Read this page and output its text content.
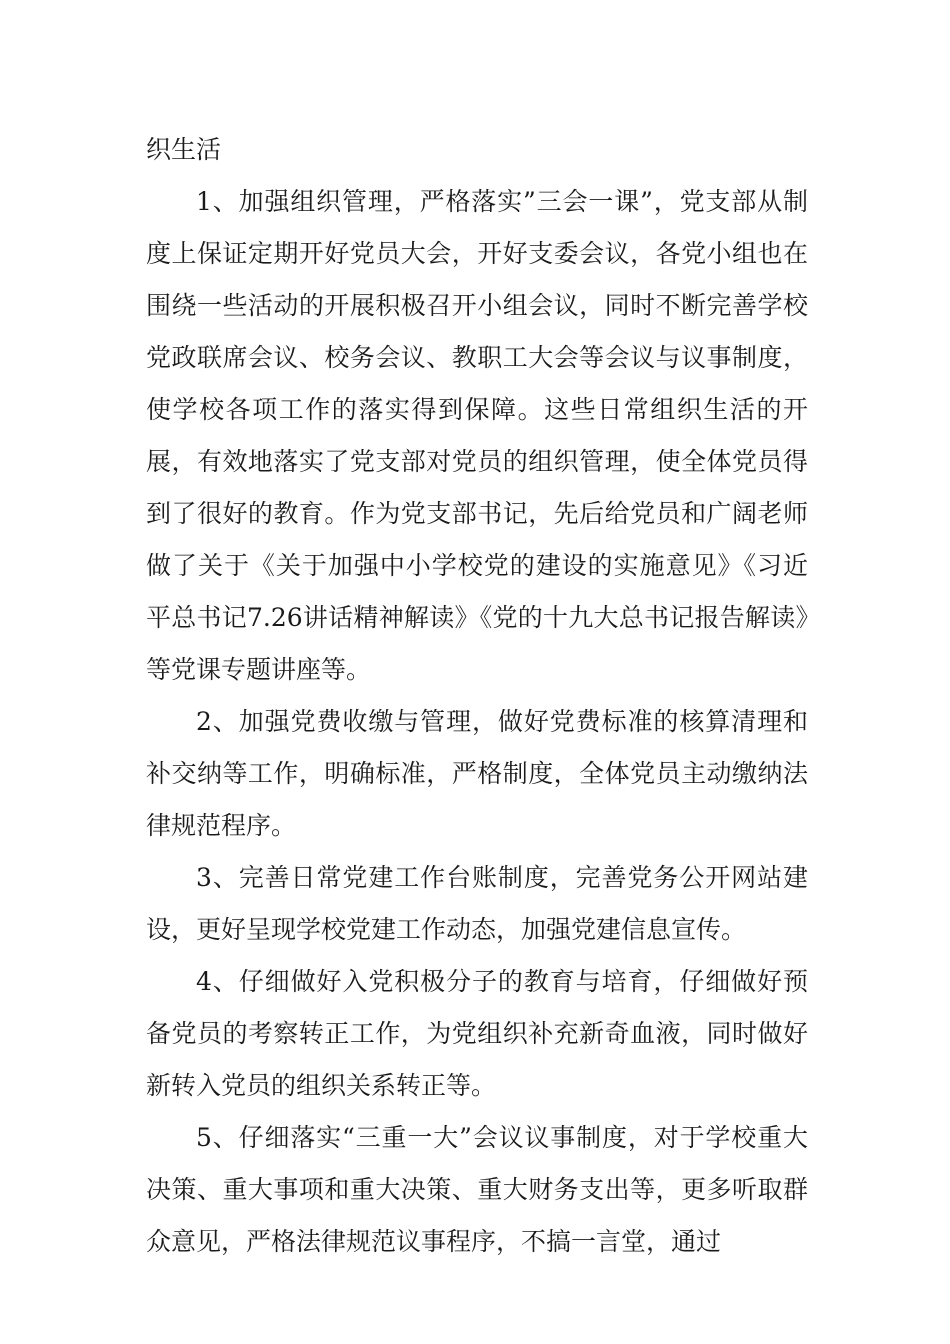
织生活

1、加强组织管理，严格落实”三会一课”，党支部从制度上保证定期开好党员大会，开好支委会议，各党小组也在围绕一些活动的开展积极召开小组会议，同时不断完善学校党政联席会议、校务会议、教职工大会等会议与议事制度，使学校各项工作的落实得到保障。这些日常组织生活的开展，有效地落实了党支部对党员的组织管理，使全体党员得到了很好的教育。作为党支部书记，先后给党员和广阔老师做了关于《关于加强中小学校党的建设的实施意见》《习近平总书记7.26讲话精神解读》《党的十九大总书记报告解读》等党课专题讲座等。

2、加强党费收缴与管理，做好党费标准的核算清理和补交纳等工作，明确标准，严格制度，全体党员主动缴纳法律规范程序。

3、完善日常党建工作台账制度，完善党务公开网站建设，更好呈现学校党建工作动态，加强党建信息宣传。

4、仔细做好入党积极分子的教育与培育，仔细做好预备党员的考察转正工作，为党组织补充新奇血液，同时做好新转入党员的组织关系转正等。

5、仔细落实“三重一大”会议议事制度，对于学校重大决策、重大事项和重大决策、重大财务支出等，更多听取群众意见，严格法律规范议事程序，不搞一言堂，通过
